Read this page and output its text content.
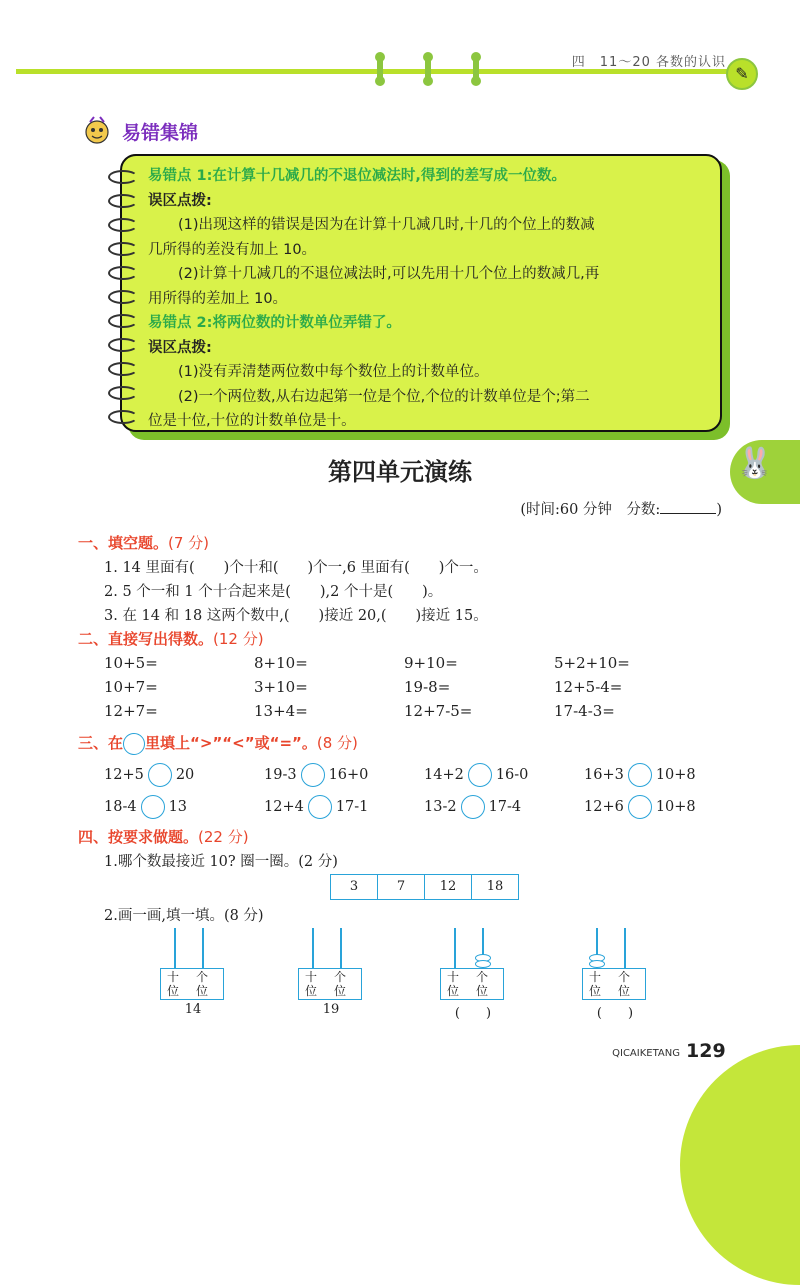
四　11～20 各数的认识
✎
易错集锦
易错点 1:在计算十几减几的不退位减法时,得到的差写成一位数。
误区点拨:
(1)出现这样的错误是因为在计算十几减几时,十几的个位上的数减
几所得的差没有加上 10。
(2)计算十几减几的不退位减法时,可以先用十几个位上的数减几,再
用所得的差加上 10。
易错点 2:将两位数的计数单位弄错了。
误区点拨:
(1)没有弄清楚两位数中每个数位上的计数单位。
(2)一个两位数,从右边起第一位是个位,个位的计数单位是个;第二
位是十位,十位的计数单位是十。
🐰
第四单元演练
(时间:60 分钟　分数:	)
一、填空题。(7 分)
1. 14 里面有(　　)个十和(　　)个一,6 里面有(　　)个一。
2. 5 个一和 1 个十合起来是(　　),2 个十是(　　)。
3. 在 14 和 18 这两个数中,(　　)接近 20,(　　)接近 15。
二、直接写出得数。(12 分)
10+5=	8+10=	9+10=	5+2+10=
10+7=	3+10=	19-8=	12+5-4=
12+7=	13+4=	12+7-5=	17-4-3=
三、在 里填上“>”“<”或“=”。(8 分)
12+5 20	19-3 16+0	14+2 16-0	16+3 10+8
18-4 13	12+4 17-1	13-2 17-4	12+6 10+8
四、按要求做题。(22 分)
1.哪个数最接近 10? 圈一圈。(2 分)
3	7	12	18
2.画一画,填一填。(8 分)
十 个
位 位
14
十 个
位 位
19
十 个
位 位
(　　)
十 个
位 位
(　　)
QICAIKETANG 129
